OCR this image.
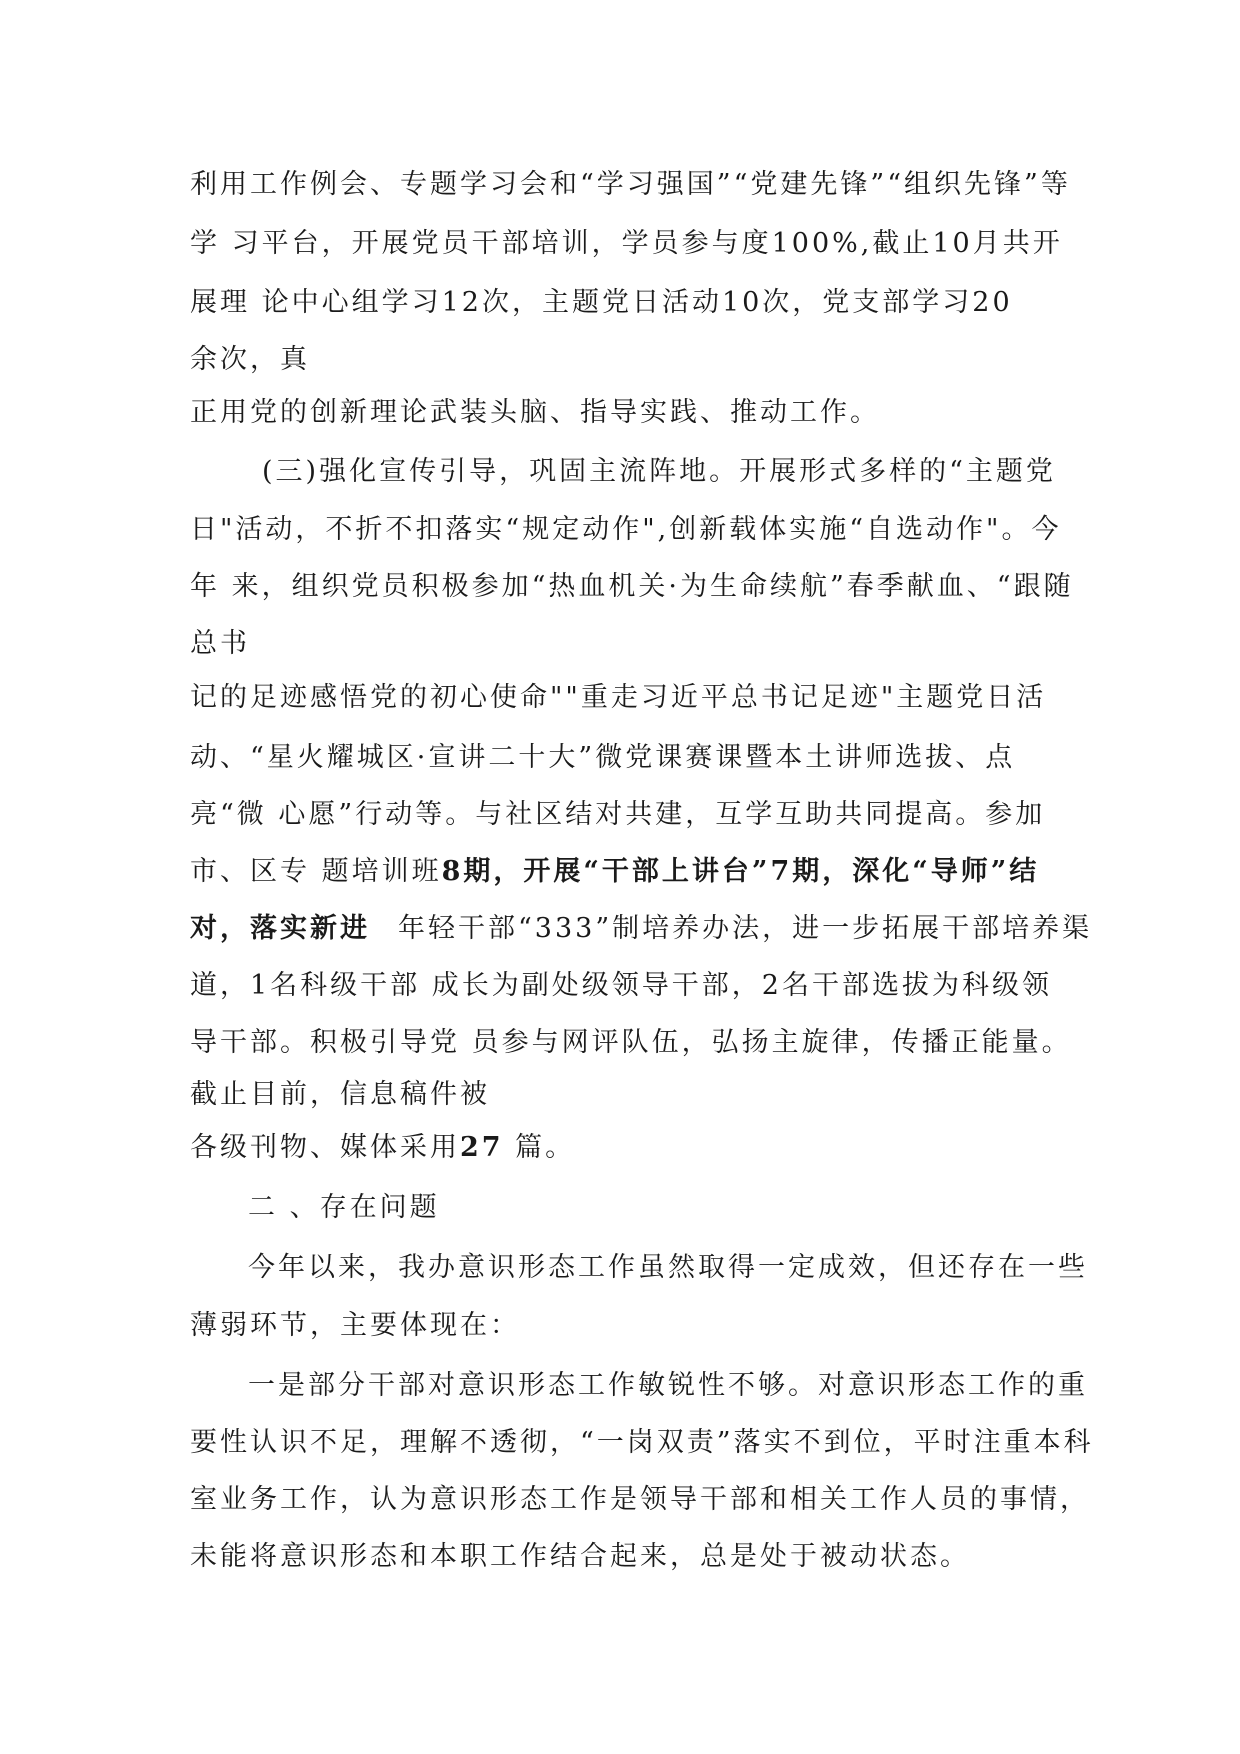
利用工作例会、专题学习会和“学习强国”“党建先锋”“组织先锋”等
学 习平台，开展党员干部培训，学员参与度100%,截止10月共开
展理 论中心组学习12次，主题党日活动10次，党支部学习20
余次，真
正用党的创新理论武装头脑、指导实践、推动工作。
(三)强化宣传引导，巩固主流阵地。开展形式多样的“主题党
日"活动，不折不扣落实“规定动作",创新载体实施“自选动作"。今
年 来，组织党员积极参加“热血机关·为生命续航”春季献血、“跟随
总书
记的足迹感悟党的初心使命""重走习近平总书记足迹"主题党日活
动、“星火耀城区·宣讲二十大”微党课赛课暨本土讲师选拔、点
亮“微 心愿”行动等。与社区结对共建，互学互助共同提高。参加
市、区专 题培训班8期，开展“干部上讲台”7期，深化“导师”结
对，落实新进 年轻干部“333”制培养办法，进一步拓展干部培养渠
道，1名科级干部 成长为副处级领导干部，2名干部选拔为科级领
导干部。积极引导党 员参与网评队伍，弘扬主旋律，传播正能量。
截止目前，信息稿件被
各级刊物、媒体采用27 篇。
二 、存在问题
今年以来，我办意识形态工作虽然取得一定成效，但还存在一些
薄弱环节，主要体现在：
一是部分干部对意识形态工作敏锐性不够。对意识形态工作的重
要性认识不足，理解不透彻，“一岗双责”落实不到位，平时注重本科
室业务工作，认为意识形态工作是领导干部和相关工作人员的事情，
未能将意识形态和本职工作结合起来，总是处于被动状态。
